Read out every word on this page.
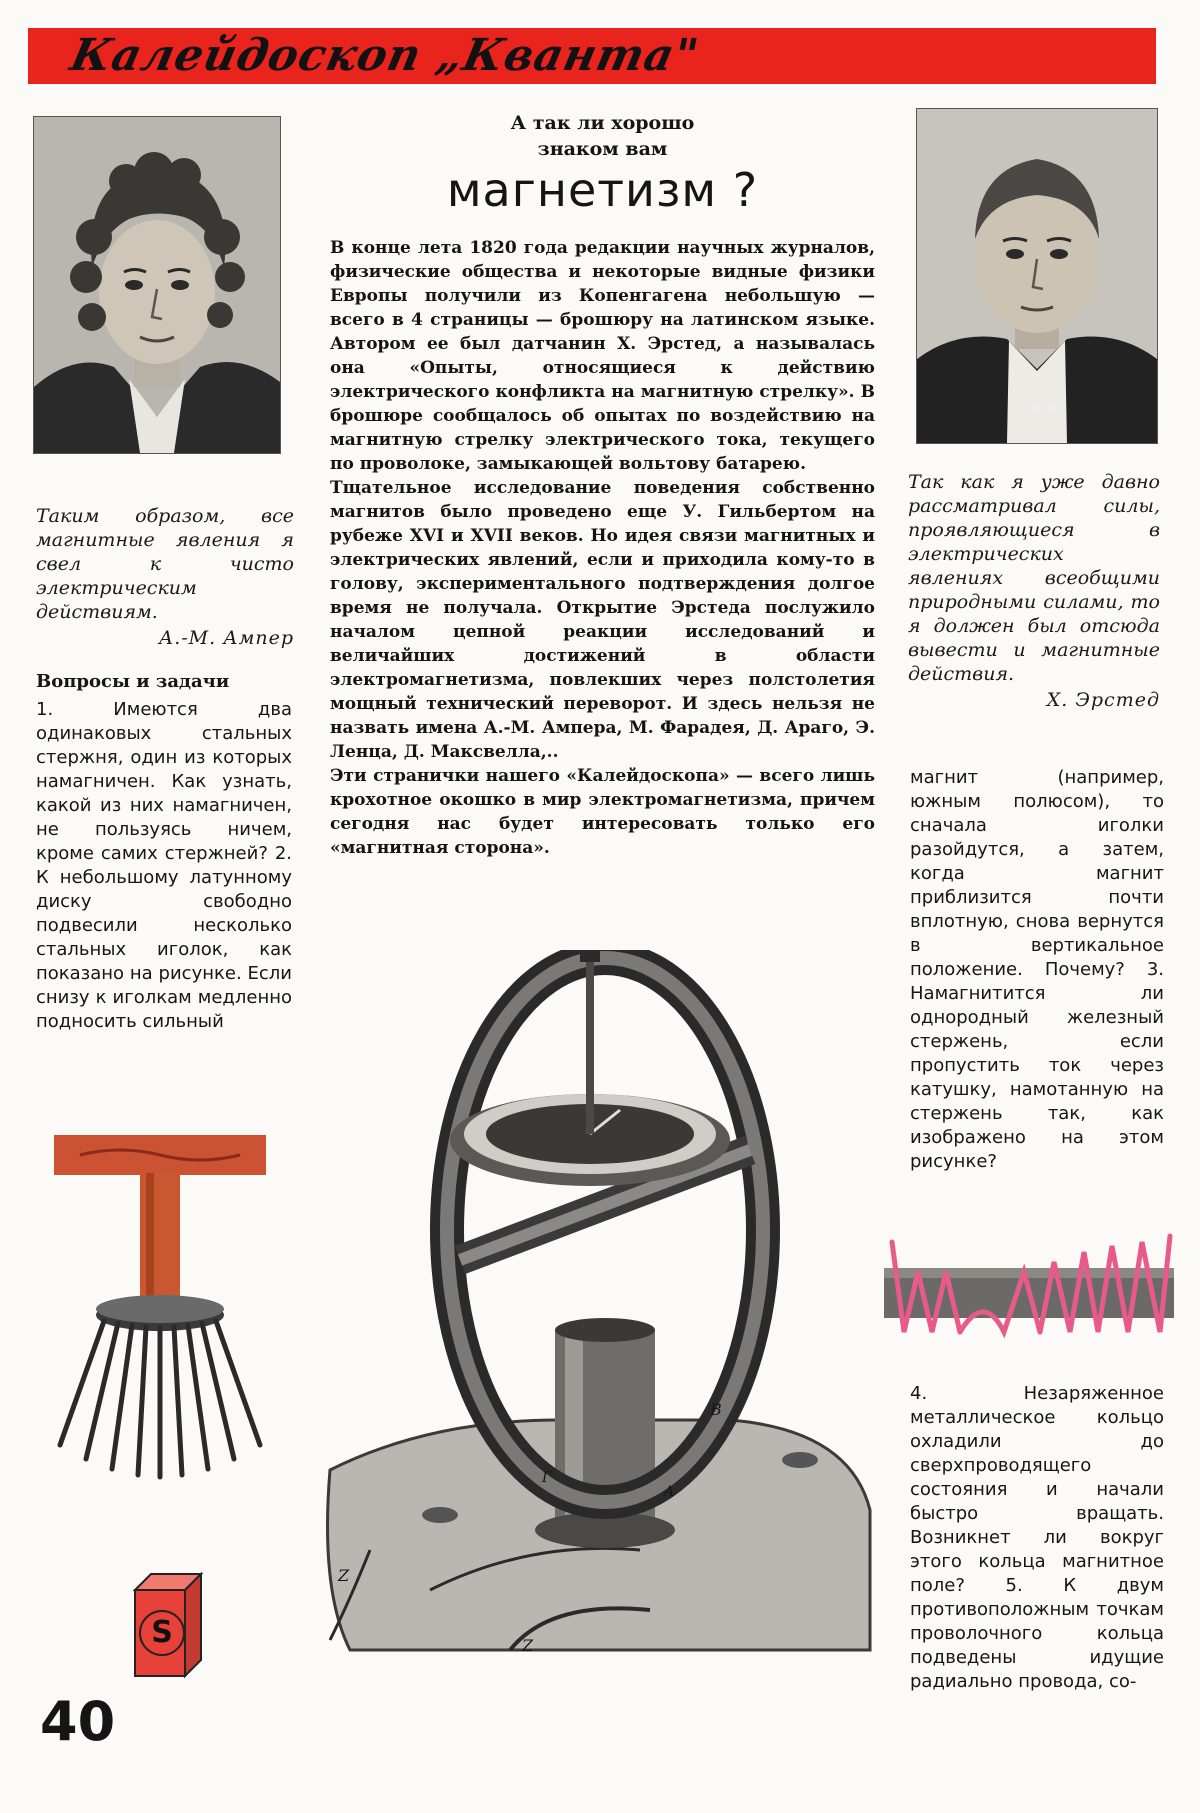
Калейдоскоп „Кванта"
Таким образом, все магнитные явления я свел к чисто электрическим действиям.
А.-М. Ампер
Вопросы и задачи

1. Имеются два одинаковых стальных стержня, один из которых намагничен. Как узнать, какой из них намагничен, не пользуясь ничем, кроме самих стержней? 2. К небольшому латунному диску свободно подвесили несколько стальных иголок, как показано на рисунке. Если снизу к иголкам медленно подносить сильный

S

А так ли хорошо

знаком вам

магнетизм ?

В конце лета 1820 года редакции научных журналов, физические общества и некоторые видные физики Европы получили из Копенгагена небольшую — всего в 4 страницы — брошюру на латинском языке. Автором ее был датчанин Х. Эрстед, а называлась она «Опыты, относящиеся к действию электрического конфликта на магнитную стрелку». В брошюре сообщалось об опытах по воздействию на магнитную стрелку электрического тока, текущего по проволоке, замыкающей вольтову батарею.

Тщательное исследование поведения собственно магнитов было проведено еще У. Гильбертом на рубеже XVI и XVII веков. Но идея связи магнитных и электрических явлений, если и приходила кому-то в голову, экспериментального подтверждения долгое время не получала. Открытие Эрстеда послужило началом цепной реакции исследований и величайших достижений в области электромагнетизма, повлекших через полстолетия мощный технический переворот. И здесь нельзя не назвать имена А.-М. Ампера, М. Фарадея, Д. Араго, Э. Ленца, Д. Максвелла,..

Эти странички нашего «Калейдоскопа» — всего лишь крохотное окошко в мир электромагнетизма, причем сегодня нас будет интересовать только его «магнитная сторона».

B
Г
A
Z
Z
Так как я уже давно рассматривал силы, проявляющиеся в электрических явлениях всеобщими природными силами, то я должен был отсюда вывести и магнитные действия.
Х. Эрстед

магнит (например, южным полюсом), то сначала иголки разойдутся, а затем, когда магнит приблизится почти вплотную, снова вернутся в вертикальное положение. Почему? 3. Намагнитится ли однородный железный стержень, если пропустить ток через катушку, намотанную на стержень так, как изображено на этом рисунке?

4. Незаряженное металлическое кольцо охладили до сверхпроводящего состояния и начали быстро вращать. Возникнет ли вокруг этого кольца магнитное поле? 5. К двум противоположным точкам проволочного кольца подведены идущие радиально провода, со-

40
